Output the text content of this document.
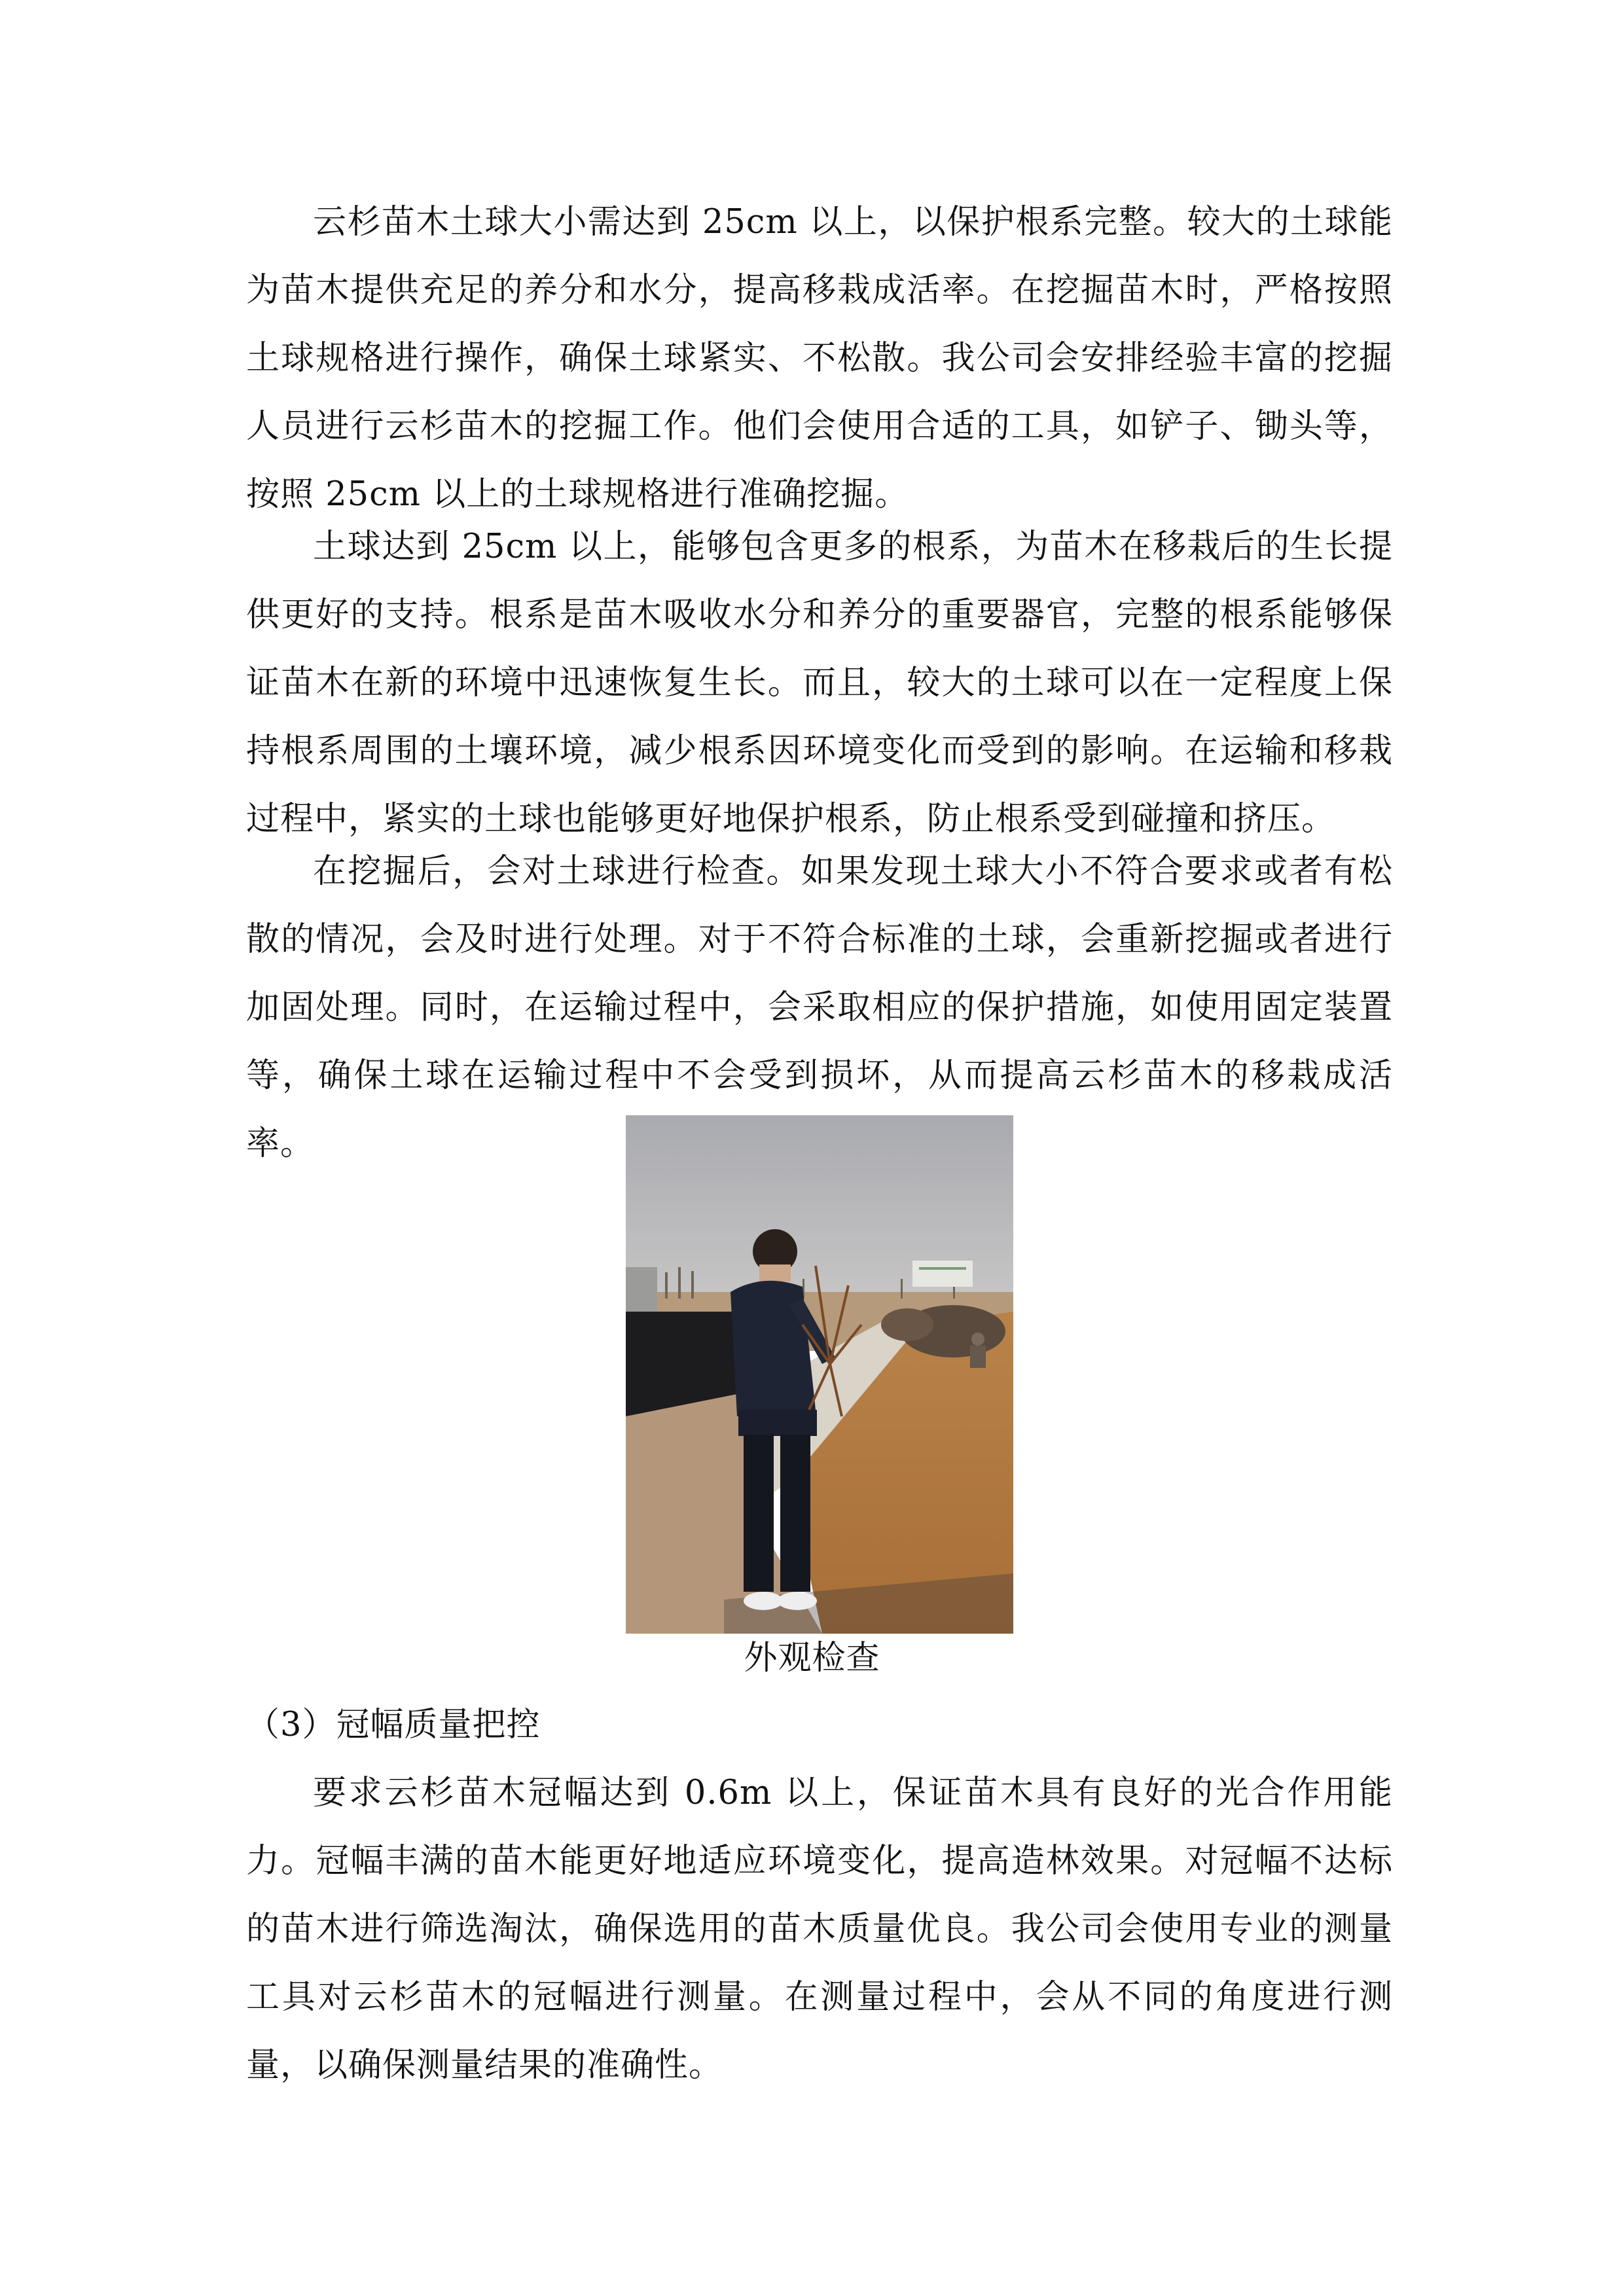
云杉苗木土球大小需达到 25cm 以上，以保护根系完整。较大的土球能为苗木提供充足的养分和水分，提高移栽成活率。在挖掘苗木时，严格按照土球规格进行操作，确保土球紧实、不松散。我公司会安排经验丰富的挖掘人员进行云杉苗木的挖掘工作。他们会使用合适的工具，如铲子、锄头等，按照 25cm 以上的土球规格进行准确挖掘。

土球达到 25cm 以上，能够包含更多的根系，为苗木在移栽后的生长提供更好的支持。根系是苗木吸收水分和养分的重要器官，完整的根系能够保证苗木在新的环境中迅速恢复生长。而且，较大的土球可以在一定程度上保持根系周围的土壤环境，减少根系因环境变化而受到的影响。在运输和移栽过程中，紧实的土球也能够更好地保护根系，防止根系受到碰撞和挤压。

在挖掘后，会对土球进行检查。如果发现土球大小不符合要求或者有松散的情况，会及时进行处理。对于不符合标准的土球，会重新挖掘或者进行加固处理。同时，在运输过程中，会采取相应的保护措施，如使用固定装置等，确保土球在运输过程中不会受到损坏，从而提高云杉苗木的移栽成活率。

外观检查

（3）冠幅质量把控

要求云杉苗木冠幅达到 0.6m 以上，保证苗木具有良好的光合作用能力。冠幅丰满的苗木能更好地适应环境变化，提高造林效果。对冠幅不达标的苗木进行筛选淘汰，确保选用的苗木质量优良。我公司会使用专业的测量工具对云杉苗木的冠幅进行测量。在测量过程中，会从不同的角度进行测量，以确保测量结果的准确性。
